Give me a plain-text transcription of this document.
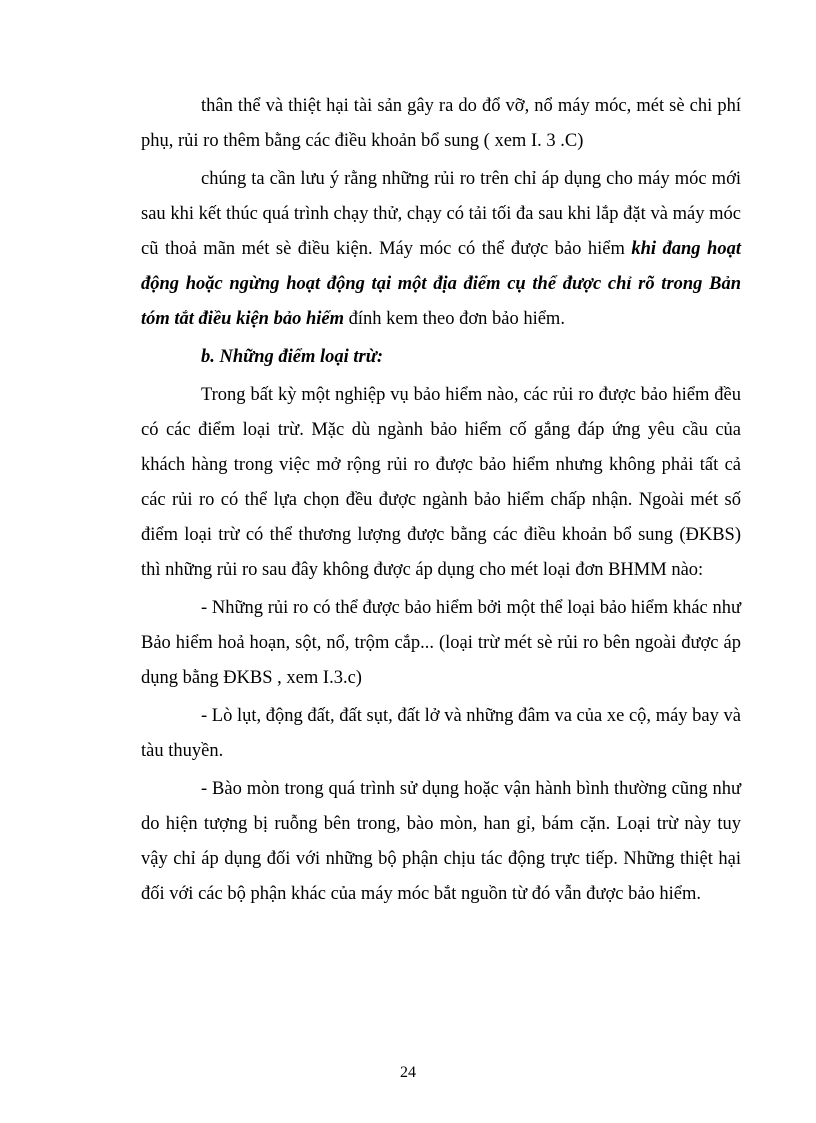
thân thể và thiệt hại tài sản gây ra do đổ vỡ, nổ máy móc, mét sè chi phí phụ, rủi ro thêm bằng các điều khoản bổ sung ( xem I. 3 .C)

chúng ta cần lưu ý rằng những rủi ro trên chỉ áp dụng cho máy móc mới sau khi kết thúc quá trình chạy thử, chạy có tải tối đa sau khi lắp đặt và máy móc cũ thoả mãn mét sè điều kiện. Máy móc có thể được bảo hiểm khi đang hoạt động hoặc ngừng hoạt động tại một địa điểm cụ thể được chỉ rõ trong Bản tóm tắt điều kiện bảo hiểm đính kem theo đơn bảo hiểm.

b. Những điểm loại trừ:

Trong bất kỳ một nghiệp vụ bảo hiểm nào, các rủi ro được bảo hiểm đều có các điểm loại trừ. Mặc dù ngành bảo hiểm cố gắng đáp ứng yêu cầu của khách hàng trong việc mở rộng rủi ro được bảo hiểm nhưng không phải tất cả các rủi ro có thể lựa chọn đều được ngành bảo hiểm chấp nhận. Ngoài mét số điểm loại trừ có thể thương lượng được bằng các điều khoản bổ sung (ĐKBS) thì những rủi ro sau đây không được áp dụng cho mét loại đơn BHMM nào:

- Những rủi ro có thể được bảo hiểm bởi một thể loại bảo hiểm khác như Bảo hiểm hoả hoạn, sột, nổ, trộm cắp... (loại trừ mét sè rủi ro bên ngoài được áp dụng bằng ĐKBS , xem I.3.c)

- Lò lụt, động đất, đất sụt, đất lở và những đâm va của xe cộ, máy bay và tàu thuyền.

- Bào mòn trong quá trình sử dụng hoặc vận hành bình thường cũng như do hiện tượng bị ruỗng bên trong, bào mòn, han gỉ, bám cặn. Loại trừ này tuy vậy chỉ áp dụng đối với những bộ phận chịu tác động trực tiếp. Những thiệt hại đối với các bộ phận khác của máy móc bắt nguồn từ đó vẫn được bảo hiểm.

24
